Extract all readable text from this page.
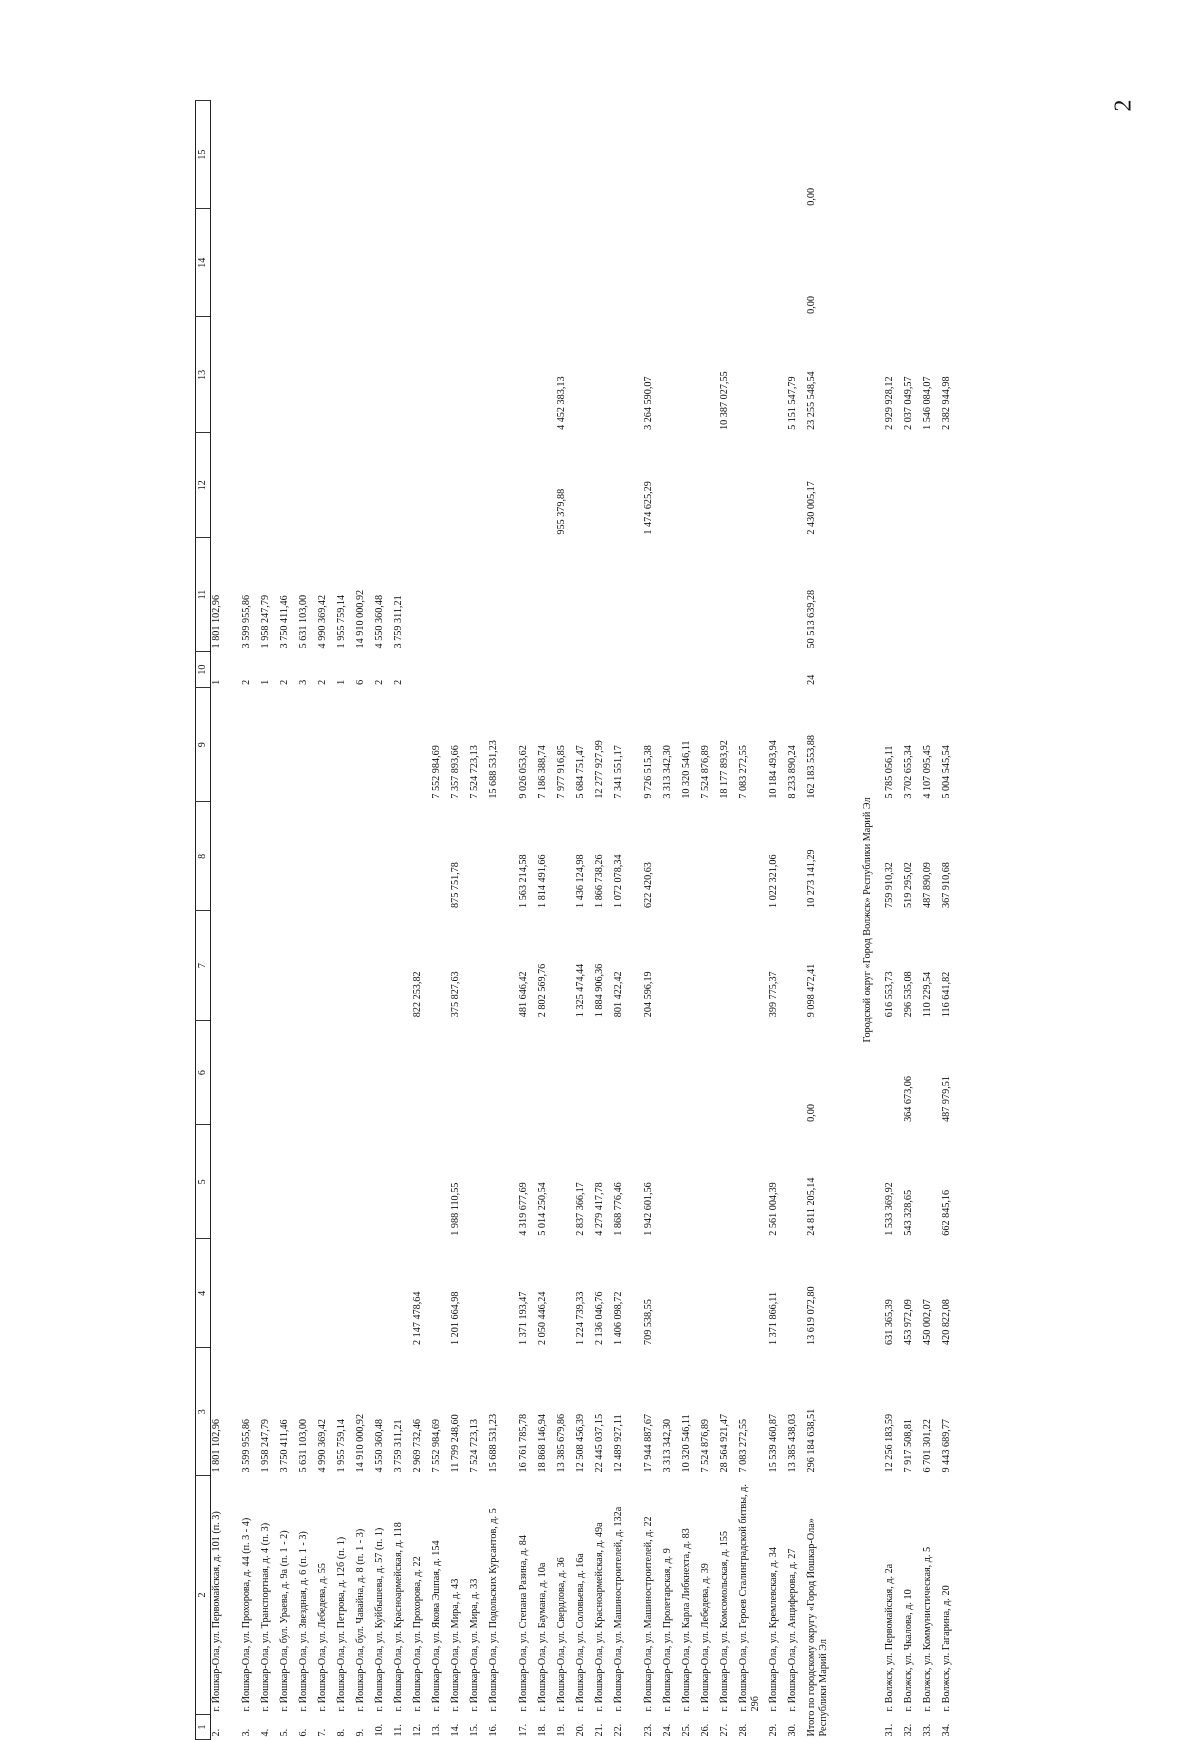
2
1	2	3	4	5	6	7	8	9	10	11	12	13	14	15
2.	г. Йошкар-Ола, ул. Первомайская, д. 101 (п. 3)	1 801 102,96							1	1 801 102,96				
3.	г. Йошкар-Ола, ул. Прохорова, д. 44 (п. 3 - 4)	3 599 955,86							2	3 599 955,86				
4.	г. Йошкар-Ола, ул. Транспортная, д. 4 (п. 3)	1 958 247,79							1	1 958 247,79				
5.	г. Йошкар-Ола, бул. Ураева, д. 9а (п. 1 - 2)	3 750 411,46							2	3 750 411,46				
6.	г. Йошкар-Ола, ул. Звездная, д. 6 (п. 1 - 3)	5 631 103,00							3	5 631 103,00				
7.	г. Йошкар-Ола, ул. Лебедева, д. 55	4 990 369,42							2	4 990 369,42				
8.	г. Йошкар-Ола, ул. Петрова, д. 12б (п. 1)	1 955 759,14							1	1 955 759,14				
9.	г. Йошкар-Ола, бул. Чавайна, д. 8 (п. 1 - 3)	14 910 000,92							6	14 910 000,92				
10.	г. Йошкар-Ола, ул. Куйбышева, д. 57 (п. 1)	4 550 360,48							2	4 550 360,48				
11.	г. Йошкар-Ола, ул. Красноармейская, д. 118	3 759 311,21							2	3 759 311,21				
12.	г. Йошкар-Ола, ул. Прохорова, д. 22	2 969 732,46	2 147 478,64			822 253,82								
13.	г. Йошкар-Ола, ул. Якова Эшпая, д. 154	7 552 984,69						7 552 984,69						
14.	г. Йошкар-Ола, ул. Мира, д. 43	11 799 248,60	1 201 664,98	1 988 110,55		375 827,63	875 751,78	7 357 893,66						
15.	г. Йошкар-Ола, ул. Мира, д. 33	7 524 723,13						7 524 723,13						
16.	г. Йошкар-Ола, ул. Подольских Курсантов, д. 5	15 688 531,23						15 688 531,23						
17.	г. Йошкар-Ола, ул. Степана Разина, д. 84	16 761 785,78	1 371 193,47	4 319 677,69		481 646,42	1 563 214,58	9 026 053,62						
18.	г. Йошкар-Ола, ул. Баумана, д. 10а	18 868 146,94	2 050 446,24	5 014 250,54		2 802 569,76	1 814 491,66	7 186 388,74						
19.	г. Йошкар-Ола, ул. Свердлова, д. 36	13 385 679,86						7 977 916,85			955 379,88	4 452 383,13		
20.	г. Йошкар-Ола, ул. Соловьева, д. 16а	12 508 456,39	1 224 739,33	2 837 366,17		1 325 474,44	1 436 124,98	5 684 751,47						
21.	г. Йошкар-Ола, ул. Красноармейская, д. 49а	22 445 037,15	2 136 046,76	4 279 417,78		1 884 906,36	1 866 738,26	12 277 927,99						
22.	г. Йошкар-Ола, ул. Машиностроителей, д. 132а	12 489 927,11	1 406 098,72	1 868 776,46		801 422,42	1 072 078,34	7 341 551,17						
23.	г. Йошкар-Ола, ул. Машиностроителей, д. 22	17 944 887,67	709 538,55	1 942 601,56		204 596,19	622 420,63	9 726 515,38			1 474 625,29	3 264 590,07		
24.	г. Йошкар-Ола, ул. Пролетарская, д. 9	3 313 342,30						3 313 342,30						
25.	г. Йошкар-Ола, ул. Карла Либкнехта, д. 83	10 320 546,11						10 320 546,11						
26.	г. Йошкар-Ола, ул. Лебедева, д. 39	7 524 876,89						7 524 876,89						
27.	г. Йошкар-Ола, ул. Комсомольская, д. 155	28 564 921,47						18 177 893,92				10 387 027,55		
28.	г. Йошкар-Ола, ул. Героев Сталинградской битвы, д. 29б	7 083 272,55						7 083 272,55						
29.	г. Йошкар-Ола, ул. Кремлевская, д. 34	15 539 460,87	1 371 866,11	2 561 004,39		399 775,37	1 022 321,06	10 184 493,94						
30.	г. Йошкар-Ола, ул. Анциферова, д. 27	13 385 438,03						8 233 890,24				5 151 547,79		
Итого по городскому округу «Город Йошкар-Ола» Республики Марий Эл		296 184 638,51	13 619 072,80	24 811 205,14	0,00	9 098 472,41	10 273 141,29	162 183 553,88	24	50 513 639,28	2 430 005,17	23 255 548,54	0,00	0,00
Городской округ «Город Волжск» Республики Марий Эл														

31.	г. Волжск, ул. Первомайская, д. 2а	12 256 183,59	631 365,39	1 533 369,92		616 553,73	759 910,32	5 785 056,11				2 929 928,12		
32.	г. Волжск, ул. Чкалова, д. 10	7 917 508,81	453 972,09	543 328,65	364 673,06	296 535,08	519 295,02	3 702 655,34				2 037 049,57		
33.	г. Волжск, ул. Коммунистическая, д. 5	6 701 301,22	450 002,07			110 229,54	487 890,09	4 107 095,45				1 546 084,07		
34.	г. Волжск, ул. Гагарина, д. 20	9 443 689,77	420 822,08	662 845,16	487 979,51	116 641,82	367 910,68	5 004 545,54				2 382 944,98		
